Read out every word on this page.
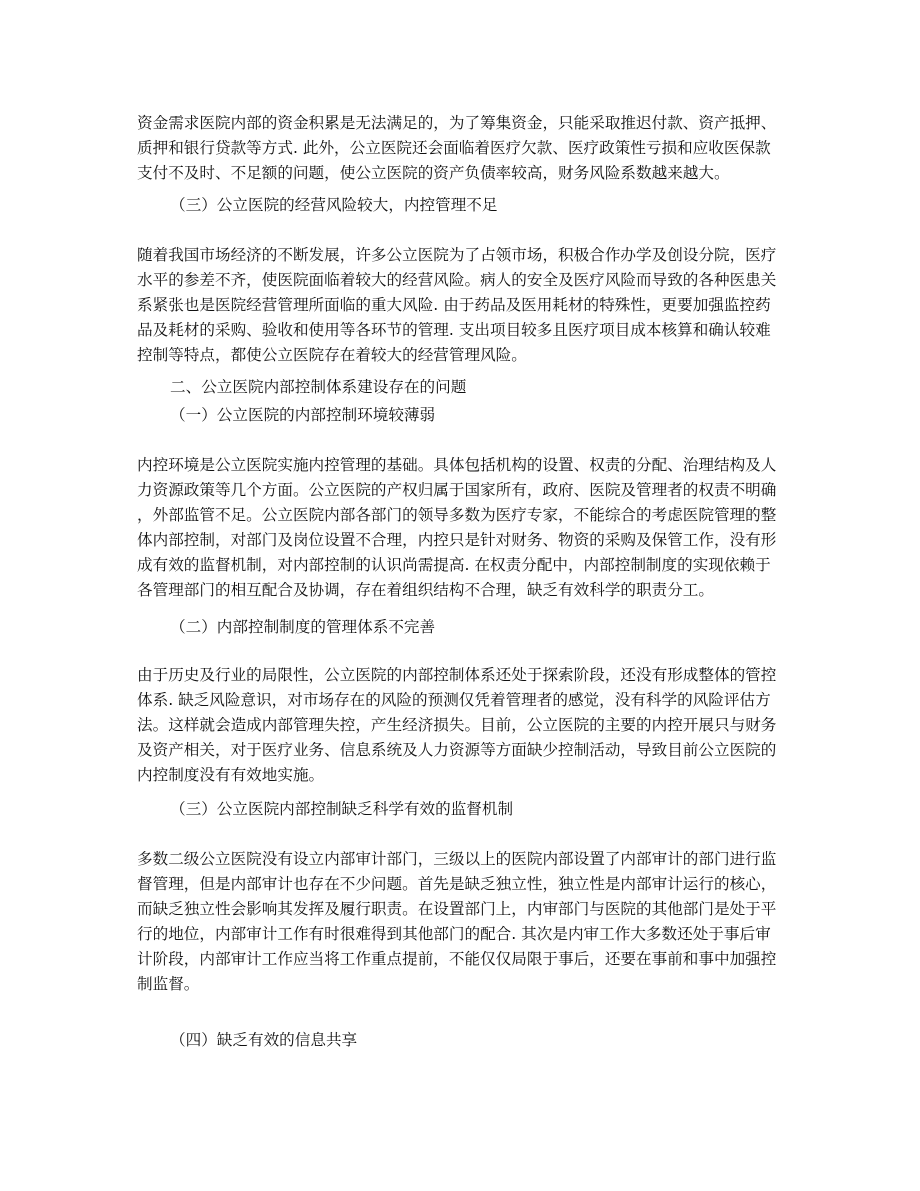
资金需求医院内部的资金积累是无法满足的，为了筹集资金，只能采取推迟付款、资产抵押、
质押和银行贷款等方式. 此外，公立医院还会面临着医疗欠款、医疗政策性亏损和应收医保款
支付不及时、不足额的问题，使公立医院的资产负债率较高，财务风险系数越来越大。
（三）公立医院的经营风险较大，内控管理不足
随着我国市场经济的不断发展，许多公立医院为了占领市场，积极合作办学及创设分院，医疗
水平的参差不齐，使医院面临着较大的经营风险。病人的安全及医疗风险而导致的各种医患关
系紧张也是医院经营管理所面临的重大风险. 由于药品及医用耗材的特殊性，更要加强监控药
品及耗材的采购、验收和使用等各环节的管理. 支出项目较多且医疗项目成本核算和确认较难
控制等特点，都使公立医院存在着较大的经营管理风险。
二、公立医院内部控制体系建设存在的问题
（一）公立医院的内部控制环境较薄弱
内控环境是公立医院实施内控管理的基础。具体包括机构的设置、权责的分配、治理结构及人
力资源政策等几个方面。公立医院的产权归属于国家所有，政府、医院及管理者的权责不明确
，外部监管不足。公立医院内部各部门的领导多数为医疗专家，不能综合的考虑医院管理的整
体内部控制，对部门及岗位设置不合理，内控只是针对财务、物资的采购及保管工作，没有形
成有效的监督机制，对内部控制的认识尚需提高. 在权责分配中，内部控制制度的实现依赖于
各管理部门的相互配合及协调，存在着组织结构不合理，缺乏有效科学的职责分工。
（二）内部控制制度的管理体系不完善
由于历史及行业的局限性，公立医院的内部控制体系还处于探索阶段，还没有形成整体的管控
体系. 缺乏风险意识，对市场存在的风险的预测仅凭着管理者的感觉，没有科学的风险评估方
法。这样就会造成内部管理失控，产生经济损失。目前，公立医院的主要的内控开展只与财务
及资产相关，对于医疗业务、信息系统及人力资源等方面缺少控制活动，导致目前公立医院的
内控制度没有有效地实施。
（三）公立医院内部控制缺乏科学有效的监督机制
多数二级公立医院没有设立内部审计部门，三级以上的医院内部设置了内部审计的部门进行监
督管理，但是内部审计也存在不少问题。首先是缺乏独立性，独立性是内部审计运行的核心，
而缺乏独立性会影响其发挥及履行职责。在设置部门上，内审部门与医院的其他部门是处于平
行的地位，内部审计工作有时很难得到其他部门的配合. 其次是内审工作大多数还处于事后审
计阶段，内部审计工作应当将工作重点提前，不能仅仅局限于事后，还要在事前和事中加强控
制监督。
（四）缺乏有效的信息共享
